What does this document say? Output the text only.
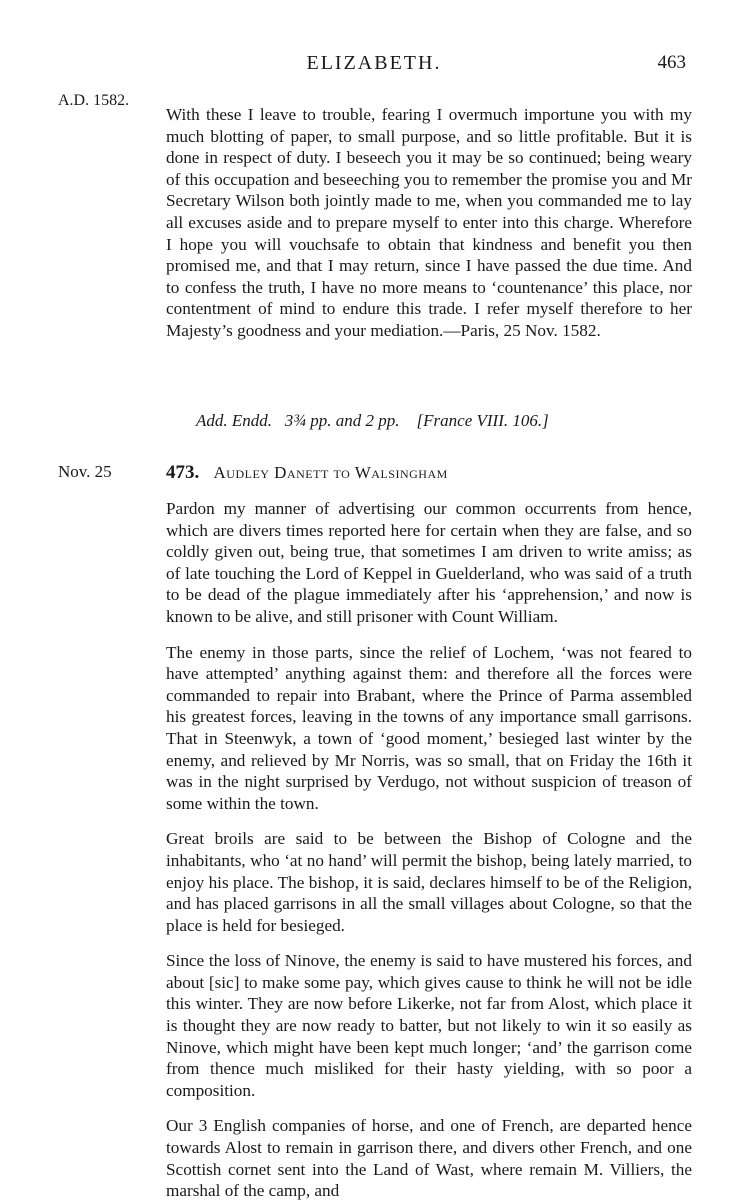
ELIZABETH.	463
A.D. 1582.

With these I leave to trouble, fearing I overmuch importune you with my much blotting of paper, to small purpose, and so little profitable. But it is done in respect of duty. I beseech you it may be so continued; being weary of this occupation and beseeching you to remember the promise you and Mr Secretary Wilson both jointly made to me, when you commanded me to lay all excuses aside and to prepare myself to enter into this charge. Wherefore I hope you will vouchsafe to obtain that kindness and benefit you then promised me, and that I may return, since I have passed the due time. And to confess the truth, I have no more means to ‘countenance’ this place, nor contentment of mind to endure this trade. I refer myself therefore to her Majesty’s goodness and your mediation.—Paris, 25 Nov. 1582.

Add. Endd. 3¾ pp. and 2 pp. [France VIII. 106.]
Nov. 25	473. Audley Danett to Walsingham

Pardon my manner of advertising our common occurrents from hence, which are divers times reported here for certain when they are false, and so coldly given out, being true, that sometimes I am driven to write amiss; as of late touching the Lord of Keppel in Guelderland, who was said of a truth to be dead of the plague immediately after his ‘apprehension,’ and now is known to be alive, and still prisoner with Count William.

The enemy in those parts, since the relief of Lochem, ‘was not feared to have attempted’ anything against them: and therefore all the forces were commanded to repair into Brabant, where the Prince of Parma assembled his greatest forces, leaving in the towns of any importance small garrisons. That in Steenwyk, a town of ‘good moment,’ besieged last winter by the enemy, and relieved by Mr Norris, was so small, that on Friday the 16th it was in the night surprised by Verdugo, not without suspicion of treason of some within the town.

Great broils are said to be between the Bishop of Cologne and the inhabitants, who ‘at no hand’ will permit the bishop, being lately married, to enjoy his place. The bishop, it is said, declares himself to be of the Religion, and has placed garrisons in all the small villages about Cologne, so that the place is held for besieged.

Since the loss of Ninove, the enemy is said to have mustered his forces, and about [sic] to make some pay, which gives cause to think he will not be idle this winter. They are now before Likerke, not far from Alost, which place it is thought they are now ready to batter, but not likely to win it so easily as Ninove, which might have been kept much longer; ‘and’ the garrison come from thence much misliked for their hasty yielding, with so poor a composition.

Our 3 English companies of horse, and one of French, are departed hence towards Alost to remain in garrison there, and divers other French, and one Scottish cornet sent into the Land of Wast, where remain M. Villiers, the marshal of the camp, and
